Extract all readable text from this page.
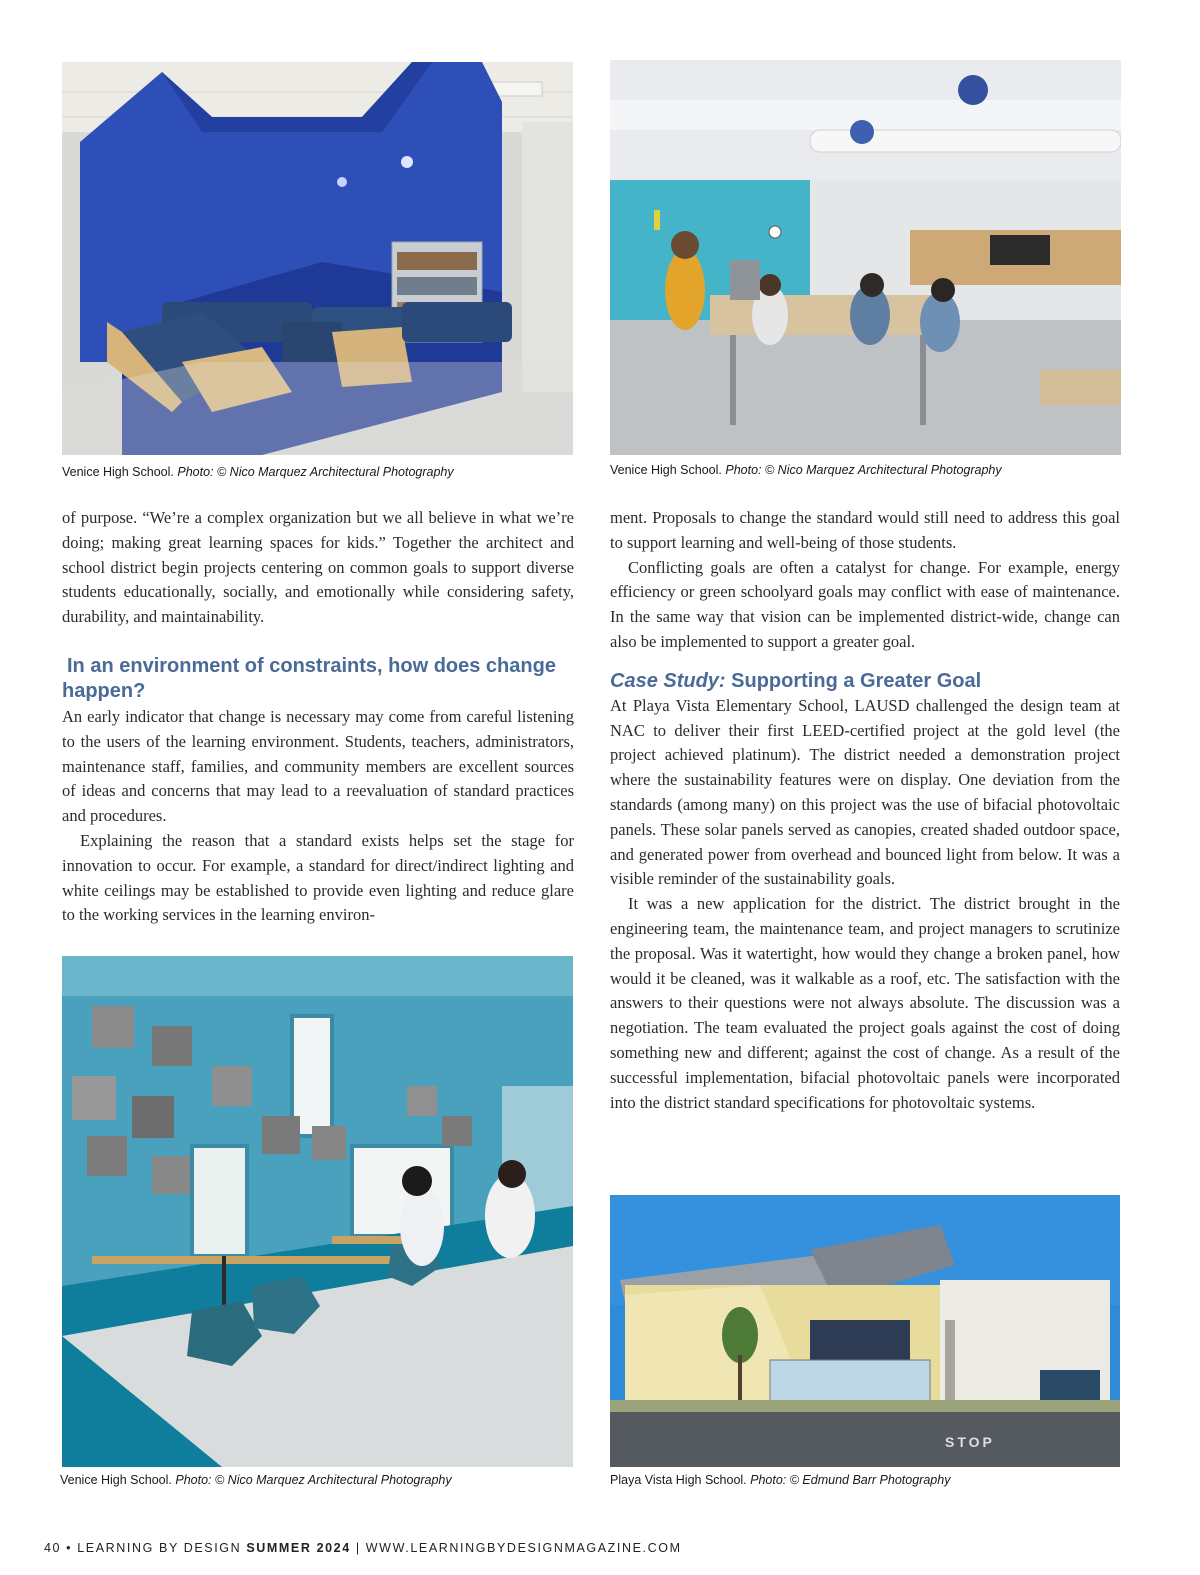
Venice High School. Photo: © Nico Marquez Architectural Photography	Venice High School. Photo: © Nico Marquez Architectural Photography

of purpose. “We’re a complex organization but we all believe in what we’re doing; making great learning spaces for kids.” Together the architect and school district begin projects centering on common goals to support diverse students educationally, socially, and emotionally while considering safety, durability, and maintainability.

In an environment of constraints, how does change happen?

An early indicator that change is necessary may come from careful listening to the users of the learning environment. Students, teachers, administrators, maintenance staff, families, and community members are excellent sources of ideas and concerns that may lead to a reevaluation of standard practices and procedures.

Explaining the reason that a standard exists helps set the stage for innovation to occur. For example, a standard for direct/indirect lighting and white ceilings may be established to provide even lighting and reduce glare to the working services in the learning environ-

ment. Proposals to change the standard would still need to address this goal to support learning and well-being of those students.

Conflicting goals are often a catalyst for change. For example, energy efficiency or green schoolyard goals may conflict with ease of maintenance. In the same way that vision can be implemented district-wide, change can also be implemented to support a greater goal.

Case Study: Supporting a Greater Goal

At Playa Vista Elementary School, LAUSD challenged the design team at NAC to deliver their first LEED-certified project at the gold level (the project achieved platinum). The district needed a demonstration project where the sustainability features were on display. One deviation from the standards (among many) on this project was the use of bifacial photovoltaic panels. These solar panels served as canopies, created shaded outdoor space, and generated power from overhead and bounced light from below. It was a visible reminder of the sustainability goals.

It was a new application for the district. The district brought in the engineering team, the maintenance team, and project managers to scrutinize the proposal. Was it watertight, how would they change a broken panel, how would it be cleaned, was it walkable as a roof, etc. The satisfaction with the answers to their questions were not always absolute. The discussion was a negotiation. The team evaluated the project goals against the cost of doing something new and different; against the cost of change. As a result of the successful implementation, bifacial photovoltaic panels were incorporated into the district standard specifications for photovoltaic systems.

Venice High School. Photo: © Nico Marquez Architectural Photography
STOP
Playa Vista High School. Photo: © Edmund Barr Photography
40 • LEARNING BY DESIGN SUMMER 2024 | WWW.LEARNINGBYDESIGNMAGAZINE.COM
